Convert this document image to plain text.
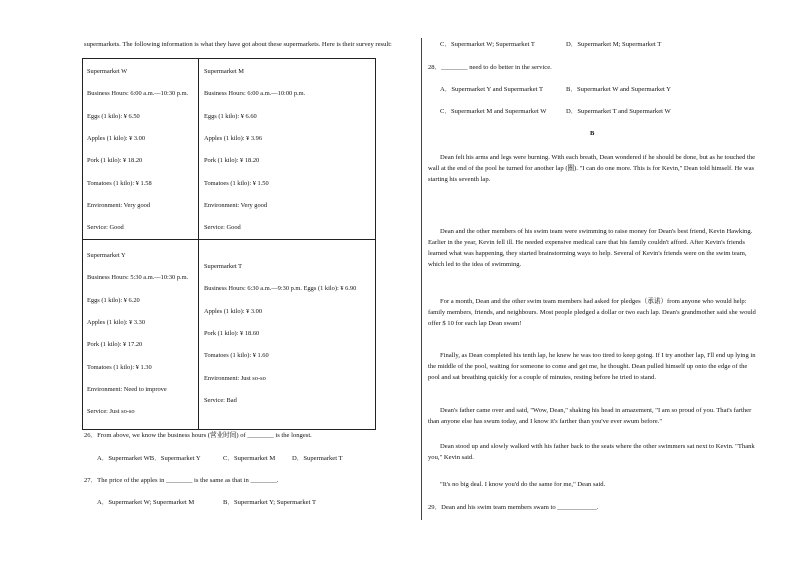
supermarkets. The following information is what they have got about these supermarkets. Here is their survey result:
Supermarket W
Business Hours: 6:00 a.m.—10:30 p.m.
Eggs (1 kilo): ¥ 6.50
Apples (1 kilo): ¥ 3.00
Pork (1 kilo): ¥ 18.20
Tomatoes (1 kilo): ¥ 1.58
Environment: Very good
Service: Good
Supermarket M
Business Hours: 6:00 a.m.—10:00 p.m.
Eggs (1 kilo): ¥ 6.60
Apples (1 kilo): ¥ 3.96
Pork (1 kilo): ¥ 18.20
Tomatoes (1 kilo): ¥ 1.50
Environment: Very good
Service: Good
Supermarket Y
Business Hours: 5:30 a.m.—10:30 p.m.
Eggs (1 kilo): ¥ 6.20
Apples (1 kilo): ¥ 3.30
Pork (1 kilo): ¥ 17.20
Tomatoes (1 kilo): ¥ 1.30
Environment: Need to improve
Service: Just so-so
Supermarket T
Business Hours: 6:30 a.m.—9:30 p.m. Eggs (1 kilo): ¥ 6.90
Apples (1 kilo): ¥ 3.00
Pork (1 kilo): ¥ 18.60
Tomatoes (1 kilo): ¥ 1.60
Environment: Just so-so
Service: Bad
26．From above, we know the business hours (营业时间) of ________ is the longest.
A．Supermarket WB．Supermarket Y	C．Supermarket M	D．Supermarket T
27．The price of the apples in ________ is the same as that in ________.
A．Supermarket W; Supermarket M	B．Supermarket Y; Supermarket T
C．Supermarket W; Supermarket T	D．Supermarket M; Supermarket T
28．________ need to do better in the service.
A．Supermarket Y and Supermarket T	B．Supermarket W and Supermarket Y
C．Supermarket M and Supermarket W	D．Supermarket T and Supermarket W
B
Dean felt his arms and legs were burning. With each breath, Dean wondered if he should be done, but as he touched the wall at the end of the pool he turned for another lap (圈). "I can do one more. This is for Kevin," Dean told himself. He was starting his seventh lap.
Dean and the other members of his swim team were swimming to raise money for Dean's best friend, Kevin Hawking. Earlier in the year, Kevin fell ill. He needed expensive medical care that his family couldn't afford. After Kevin's friends learned what was happening, they started brainstorming ways to help. Several of Kevin's friends were on the swim team, which led to the idea of swimming.
For a month, Dean and the other swim team members had asked for pledges（承诺）from anyone who would help: family members, friends, and neighbours. Most people pledged a dollar or two each lap. Dean's grandmother said she would offer $ 10 for each lap Dean swam!
Finally, as Dean completed his tenth lap, he knew he was too tired to keep going. If I try another lap, I'll end up lying in the middle of the pool, waiting for someone to come and get me, he thought. Dean pulled himself up onto the edge of the pool and sat breathing quickly for a couple of minutes, resting before he tried to stand.
Dean's father came over and said, "Wow, Dean," shaking his head in amazement, "I am so proud of you. That's farther than anyone else has swum today, and I know it's farther than you've ever swum before."
Dean stood up and slowly walked with his father back to the seats where the other swimmers sat next to Kevin. "Thank you," Kevin said.
"It's no big deal. I know you'd do the same for me," Dean said.
29．Dean and his swim team members swam to ____________.
